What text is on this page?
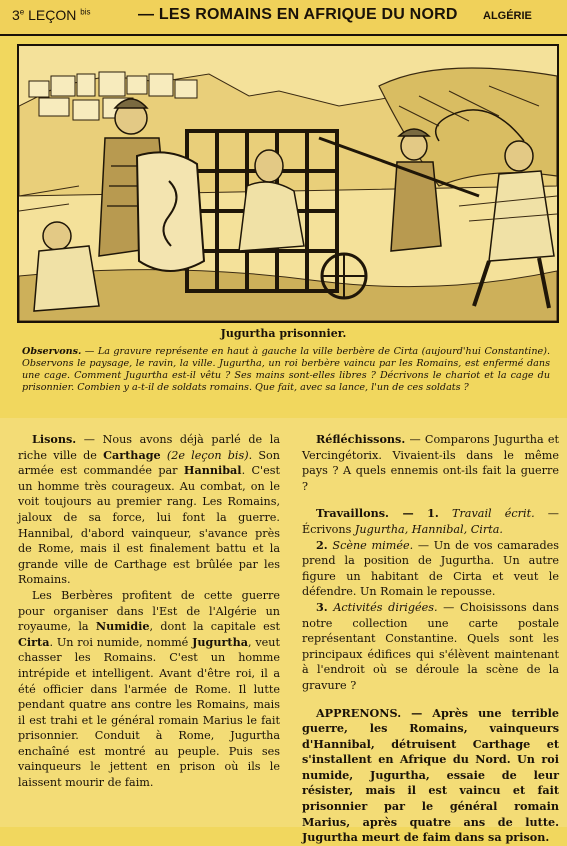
3e LEÇON $^{bis}$	— LES ROMAINS EN AFRIQUE DU NORD ALGÉRIE
Jugurtha prisonnier.
Observons. — La gravure représente en haut à gauche la ville berbère de Cirta (aujourd'hui Constantine). Observons le paysage, le ravin, la ville. Jugurtha, un roi berbère vaincu par les Romains, est enfermé dans une cage. Comment Jugurtha est-il vêtu ? Ses mains sont-elles libres ? Décrivons le chariot et la cage du prisonnier. Combien y a-t-il de soldats romains. Que fait, avec sa lance, l'un de ces soldats ?

Lisons. — Nous avons déjà parlé de la riche ville de Carthage (2e leçon bis). Son armée est commandée par Hannibal. C'est un homme très courageux. Au combat, on le voit toujours au premier rang. Les Romains, jaloux de sa force, lui font la guerre. Hannibal, d'abord vainqueur, s'avance près de Rome, mais il est finalement battu et la grande ville de Carthage est brûlée par les Romains.

Les Berbères profitent de cette guerre pour organiser dans l'Est de l'Algérie un royaume, la Numidie, dont la capitale est Cirta. Un roi numide, nommé Jugurtha, veut chasser les Romains. C'est un homme intrépide et intelligent. Avant d'être roi, il a été officier dans l'armée de Rome. Il lutte pendant quatre ans contre les Romains, mais il est trahi et le général romain Marius le fait prisonnier. Conduit à Rome, Jugurtha enchaîné est montré au peuple. Puis ses vainqueurs le jettent en prison où ils le laissent mourir de faim.

Réfléchissons. — Comparons Jugurtha et Vercingétorix. Vivaient-ils dans le même pays ? A quels ennemis ont-ils fait la guerre ?

Travaillons. — 1. Travail écrit. — Écrivons Jugurtha, Hannibal, Cirta.

2. Scène mimée. — Un de vos camarades prend la position de Jugurtha. Un autre figure un habitant de Cirta et veut le défendre. Un Romain le repousse.

3. Activités dirigées. — Choisissons dans notre collection une carte postale représentant Constantine. Quels sont les principaux édifices qui s'élèvent maintenant à l'endroit où se déroule la scène de la gravure ?

APPRENONS. — Après une terrible guerre, les Romains, vainqueurs d'Hannibal, détruisent Carthage et s'installent en Afrique du Nord. Un roi numide, Jugurtha, essaie de leur résister, mais il est vaincu et fait prisonnier par le général romain Marius, après quatre ans de lutte. Jugurtha meurt de faim dans sa prison.
